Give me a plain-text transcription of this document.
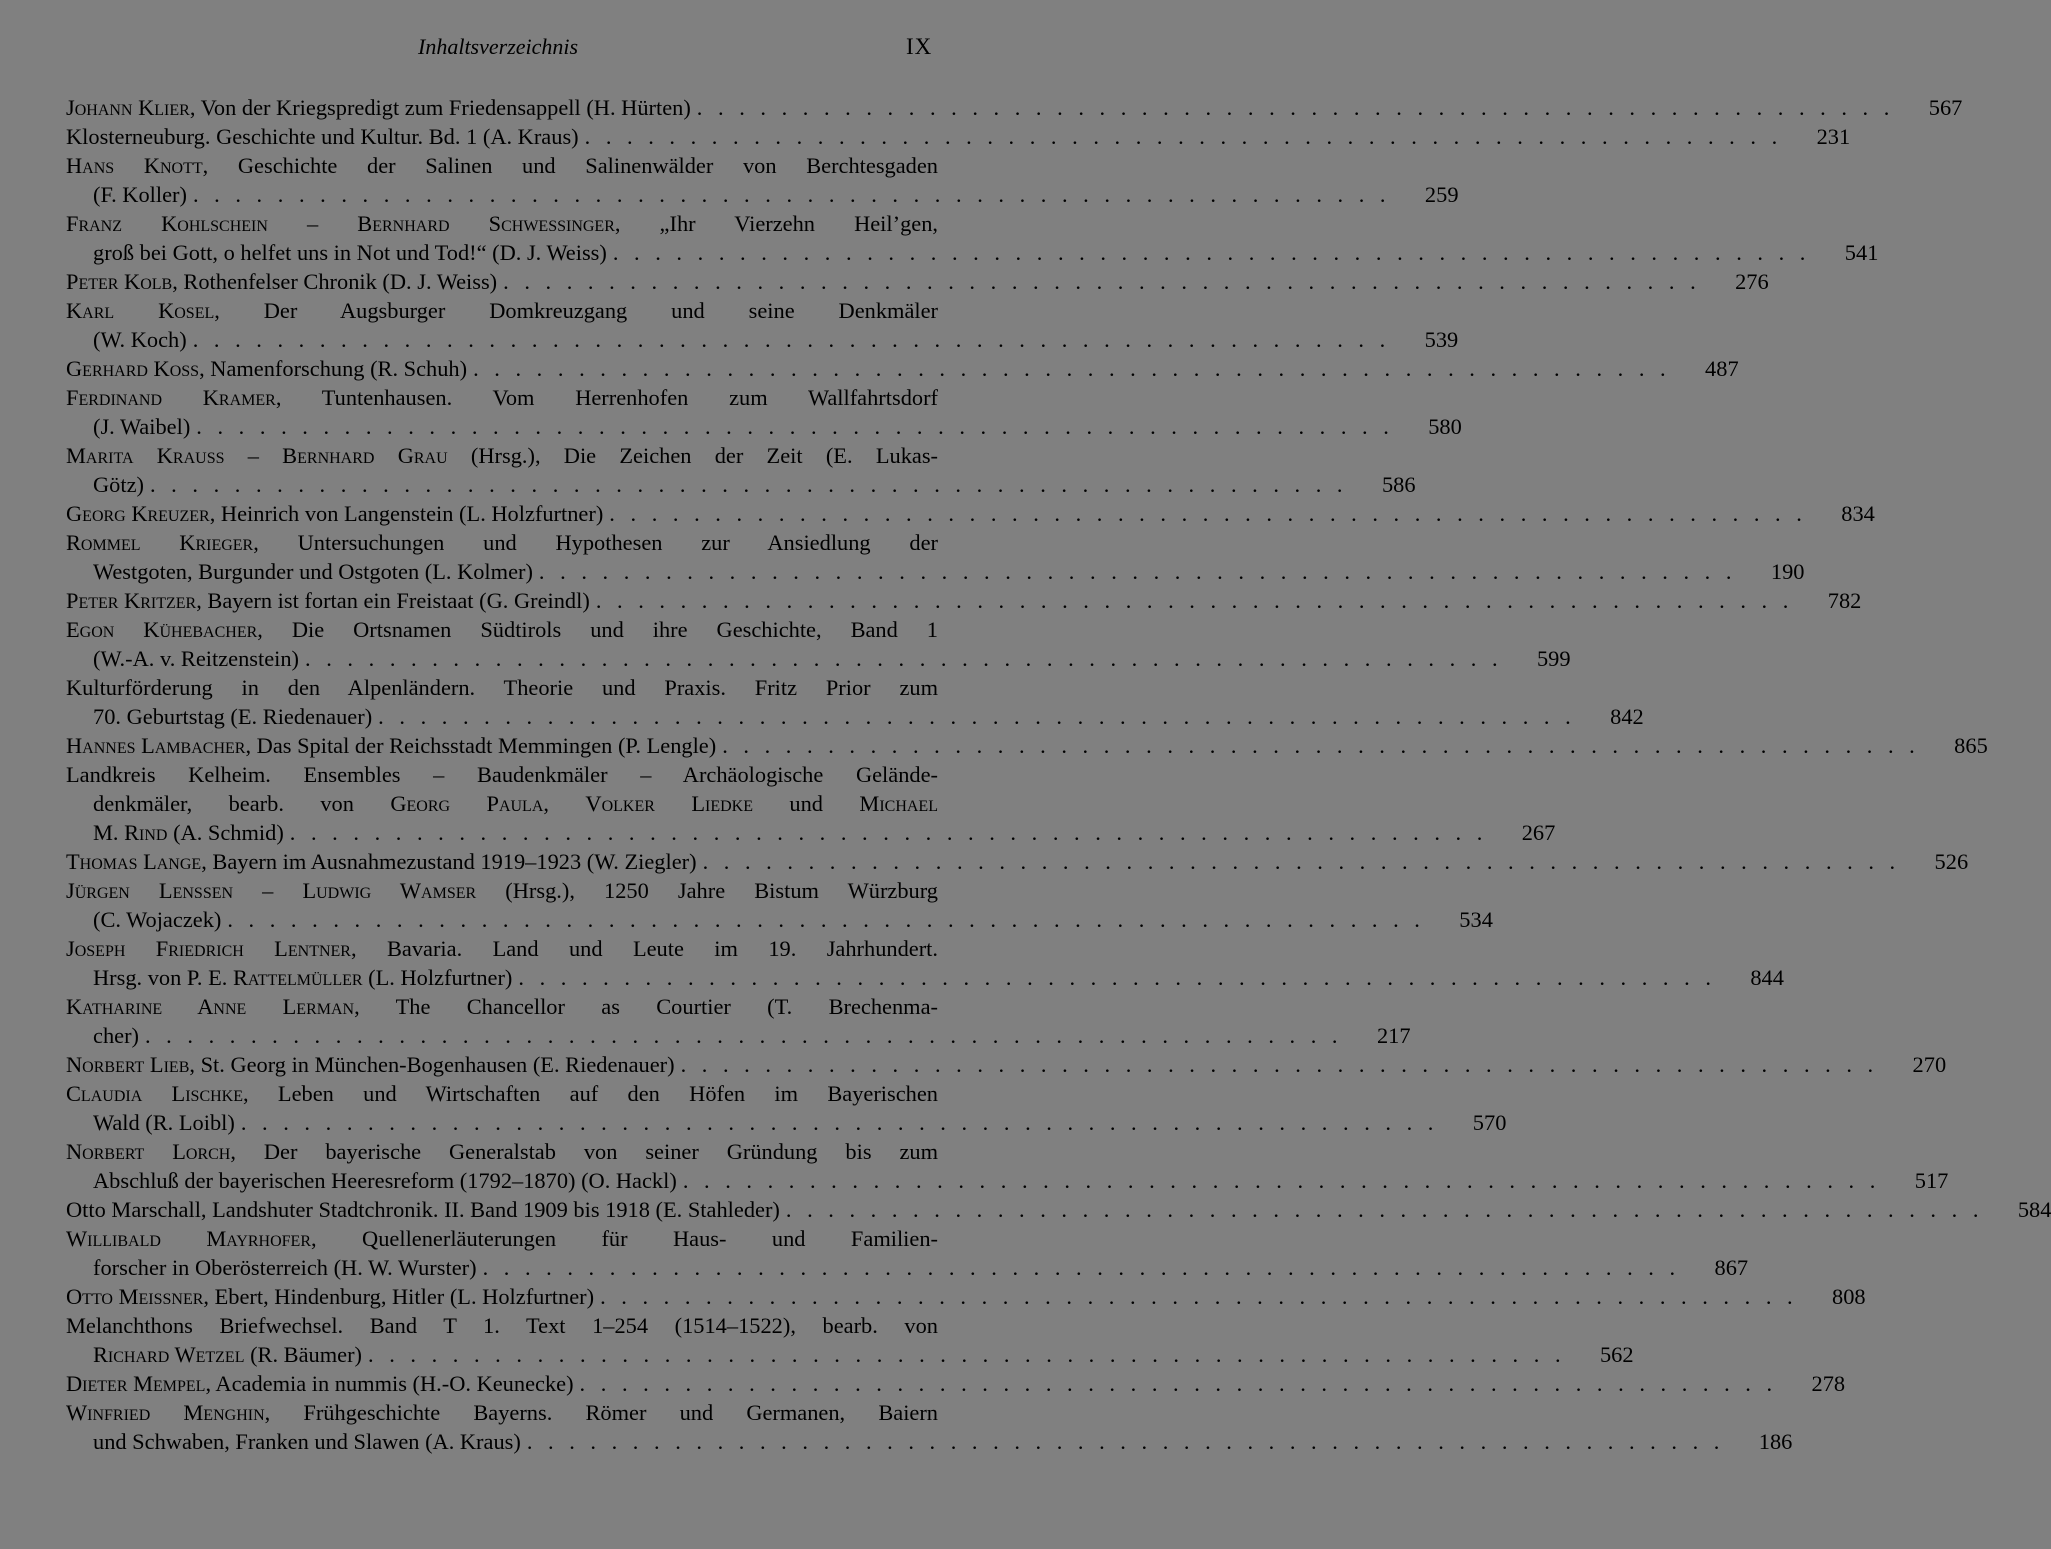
Inhaltsverzeichnis	IX
Johann Klier, Von der Kriegspredigt zum Friedensappell (H. Hürten) . . . . . . . . . . . . . . . . . . . . . . . . . . . . . . . . . . . . . . . . . . . . . . . . . . . . . . . . .	567
Klosterneuburg. Geschichte und Kultur. Bd. 1 (A. Kraus) . . . . . . . . . . . . . . . . . . . . . . . . . . . . . . . . . . . . . . . . . . . . . . . . . . . . . . . . .	231
Hans Knott, Geschichte der Salinen und Salinenwälder von Berchtesgaden
(F. Koller) . . . . . . . . . . . . . . . . . . . . . . . . . . . . . . . . . . . . . . . . . . . . . . . . . . . . . . . . .	259
Franz Kohlschein – Bernhard Schwessinger, „Ihr Vierzehn Heil’gen,
groß bei Gott, o helfet uns in Not und Tod!“ (D. J. Weiss) . . . . . . . . . . . . . . . . . . . . . . . . . . . . . . . . . . . . . . . . . . . . . . . . . . . . . . . . .	541
Peter Kolb, Rothenfelser Chronik (D. J. Weiss) . . . . . . . . . . . . . . . . . . . . . . . . . . . . . . . . . . . . . . . . . . . . . . . . . . . . . . . . .	276
Karl Kosel, Der Augsburger Domkreuzgang und seine Denkmäler
(W. Koch) . . . . . . . . . . . . . . . . . . . . . . . . . . . . . . . . . . . . . . . . . . . . . . . . . . . . . . . . .	539
Gerhard Koss, Namenforschung (R. Schuh) . . . . . . . . . . . . . . . . . . . . . . . . . . . . . . . . . . . . . . . . . . . . . . . . . . . . . . . . .	487
Ferdinand Kramer, Tuntenhausen. Vom Herrenhofen zum Wallfahrtsdorf
(J. Waibel) . . . . . . . . . . . . . . . . . . . . . . . . . . . . . . . . . . . . . . . . . . . . . . . . . . . . . . . . .	580
Marita Krauss – Bernhard Grau (Hrsg.), Die Zeichen der Zeit (E. Lukas-
Götz) . . . . . . . . . . . . . . . . . . . . . . . . . . . . . . . . . . . . . . . . . . . . . . . . . . . . . . . . .	586
Georg Kreuzer, Heinrich von Langenstein (L. Holzfurtner) . . . . . . . . . . . . . . . . . . . . . . . . . . . . . . . . . . . . . . . . . . . . . . . . . . . . . . . . .	834
Rommel Krieger, Untersuchungen und Hypothesen zur Ansiedlung der
Westgoten, Burgunder und Ostgoten (L. Kolmer) . . . . . . . . . . . . . . . . . . . . . . . . . . . . . . . . . . . . . . . . . . . . . . . . . . . . . . . . .	190
Peter Kritzer, Bayern ist fortan ein Freistaat (G. Greindl) . . . . . . . . . . . . . . . . . . . . . . . . . . . . . . . . . . . . . . . . . . . . . . . . . . . . . . . . .	782
Egon Kühebacher, Die Ortsnamen Südtirols und ihre Geschichte, Band 1
(W.-A. v. Reitzenstein) . . . . . . . . . . . . . . . . . . . . . . . . . . . . . . . . . . . . . . . . . . . . . . . . . . . . . . . . .	599
Kulturförderung in den Alpenländern. Theorie und Praxis. Fritz Prior zum
70. Geburtstag (E. Riedenauer) . . . . . . . . . . . . . . . . . . . . . . . . . . . . . . . . . . . . . . . . . . . . . . . . . . . . . . . . .	842
Hannes Lambacher, Das Spital der Reichsstadt Memmingen (P. Lengle) . . . . . . . . . . . . . . . . . . . . . . . . . . . . . . . . . . . . . . . . . . . . . . . . . . . . . . . . .	865
Landkreis Kelheim. Ensembles – Baudenkmäler – Archäologische Gelände-
denkmäler, bearb. von Georg Paula, Volker Liedke und Michael
M. Rind (A. Schmid) . . . . . . . . . . . . . . . . . . . . . . . . . . . . . . . . . . . . . . . . . . . . . . . . . . . . . . . . .	267
Thomas Lange, Bayern im Ausnahmezustand 1919–1923 (W. Ziegler) . . . . . . . . . . . . . . . . . . . . . . . . . . . . . . . . . . . . . . . . . . . . . . . . . . . . . . . . .	526
Jürgen Lenssen – Ludwig Wamser (Hrsg.), 1250 Jahre Bistum Würzburg
(C. Wojaczek) . . . . . . . . . . . . . . . . . . . . . . . . . . . . . . . . . . . . . . . . . . . . . . . . . . . . . . . . .	534
Joseph Friedrich Lentner, Bavaria. Land und Leute im 19. Jahrhundert.
Hrsg. von P. E. Rattelmüller (L. Holzfurtner) . . . . . . . . . . . . . . . . . . . . . . . . . . . . . . . . . . . . . . . . . . . . . . . . . . . . . . . . .	844
Katharine Anne Lerman, The Chancellor as Courtier (T. Brechenma-
cher) . . . . . . . . . . . . . . . . . . . . . . . . . . . . . . . . . . . . . . . . . . . . . . . . . . . . . . . . .	217
Norbert Lieb, St. Georg in München-Bogenhausen (E. Riedenauer) . . . . . . . . . . . . . . . . . . . . . . . . . . . . . . . . . . . . . . . . . . . . . . . . . . . . . . . . .	270
Claudia Lischke, Leben und Wirtschaften auf den Höfen im Bayerischen
Wald (R. Loibl) . . . . . . . . . . . . . . . . . . . . . . . . . . . . . . . . . . . . . . . . . . . . . . . . . . . . . . . . .	570
Norbert Lorch, Der bayerische Generalstab von seiner Gründung bis zum
Abschluß der bayerischen Heeresreform (1792–1870) (O. Hackl) . . . . . . . . . . . . . . . . . . . . . . . . . . . . . . . . . . . . . . . . . . . . . . . . . . . . . . . . .	517
Otto Marschall, Landshuter Stadtchronik. II. Band 1909 bis 1918 (E. Stahleder) . . . . . . . . . . . . . . . . . . . . . . . . . . . . . . . . . . . . . . . . . . . . . . . . . . . . . . . . .	584
Willibald Mayrhofer, Quellenerläuterungen für Haus- und Familien-
forscher in Oberösterreich (H. W. Wurster) . . . . . . . . . . . . . . . . . . . . . . . . . . . . . . . . . . . . . . . . . . . . . . . . . . . . . . . . .	867
Otto Meissner, Ebert, Hindenburg, Hitler (L. Holzfurtner) . . . . . . . . . . . . . . . . . . . . . . . . . . . . . . . . . . . . . . . . . . . . . . . . . . . . . . . . .	808
Melanchthons Briefwechsel. Band T 1. Text 1–254 (1514–1522), bearb. von
Richard Wetzel (R. Bäumer) . . . . . . . . . . . . . . . . . . . . . . . . . . . . . . . . . . . . . . . . . . . . . . . . . . . . . . . . .	562
Dieter Mempel, Academia in nummis (H.-O. Keunecke) . . . . . . . . . . . . . . . . . . . . . . . . . . . . . . . . . . . . . . . . . . . . . . . . . . . . . . . . .	278
Winfried Menghin, Frühgeschichte Bayerns. Römer und Germanen, Baiern
und Schwaben, Franken und Slawen (A. Kraus) . . . . . . . . . . . . . . . . . . . . . . . . . . . . . . . . . . . . . . . . . . . . . . . . . . . . . . . . .	186
